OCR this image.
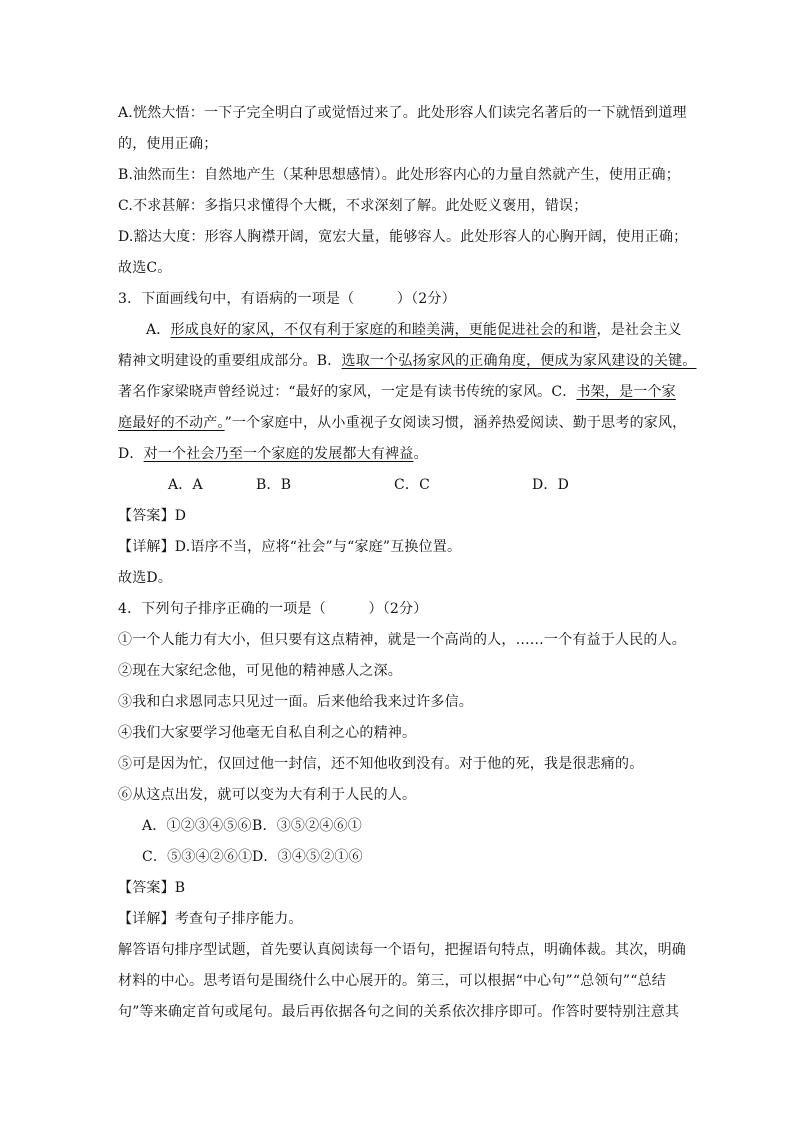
A.恍然大悟：一下子完全明白了或觉悟过来了。此处形容人们读完名著后的一下就悟到道理
的，使用正确；
B.油然而生：自然地产生（某种思想感情）。此处形容内心的力量自然就产生，使用正确；
C.不求甚解：多指只求懂得个大概，不求深刻了解。此处贬义褒用，错误；
D.豁达大度：形容人胸襟开阔，宽宏大量，能够容人。此处形容人的心胸开阔，使用正确；
故选C。
3．下面画线句中，有语病的一项是（　　　）（2分）
A．形成良好的家风，不仅有利于家庭的和睦美满，更能促进社会的和谐，是社会主义
精神文明建设的重要组成部分。B．选取一个弘扬家风的正确角度，便成为家风建设的关键。
著名作家梁晓声曾经说过：“最好的家风，一定是有读书传统的家风。C．书架，是一个家
庭最好的不动产。”一个家庭中，从小重视子女阅读习惯，涵养热爱阅读、勤于思考的家风，
D．对一个社会乃至一个家庭的发展都大有裨益。
A．A	B．B	C．C	D．D
【答案】D
【详解】D.语序不当，应将“社会”与“家庭”互换位置。
故选D。
4．下列句子排序正确的一项是（　　　）（2分）
①一个人能力有大小，但只要有这点精神，就是一个高尚的人，……一个有益于人民的人。
②现在大家纪念他，可见他的精神感人之深。
③我和白求恩同志只见过一面。后来他给我来过许多信。
④我们大家要学习他毫无自私自利之心的精神。
⑤可是因为忙，仅回过他一封信，还不知他收到没有。对于他的死，我是很悲痛的。
⑥从这点出发，就可以变为大有利于人民的人。
A．①②③④⑤⑥B．③⑤②④⑥①
C．⑤③④②⑥①D．③④⑤②①⑥
【答案】B
【详解】考查句子排序能力。
解答语句排序型试题，首先要认真阅读每一个语句，把握语句特点，明确体裁。其次，明确
材料的中心。思考语句是围绕什么中心展开的。第三，可以根据“中心句”“总领句”“总结
句”等来确定首句或尾句。最后再依据各句之间的关系依次排序即可。作答时要特别注意其
